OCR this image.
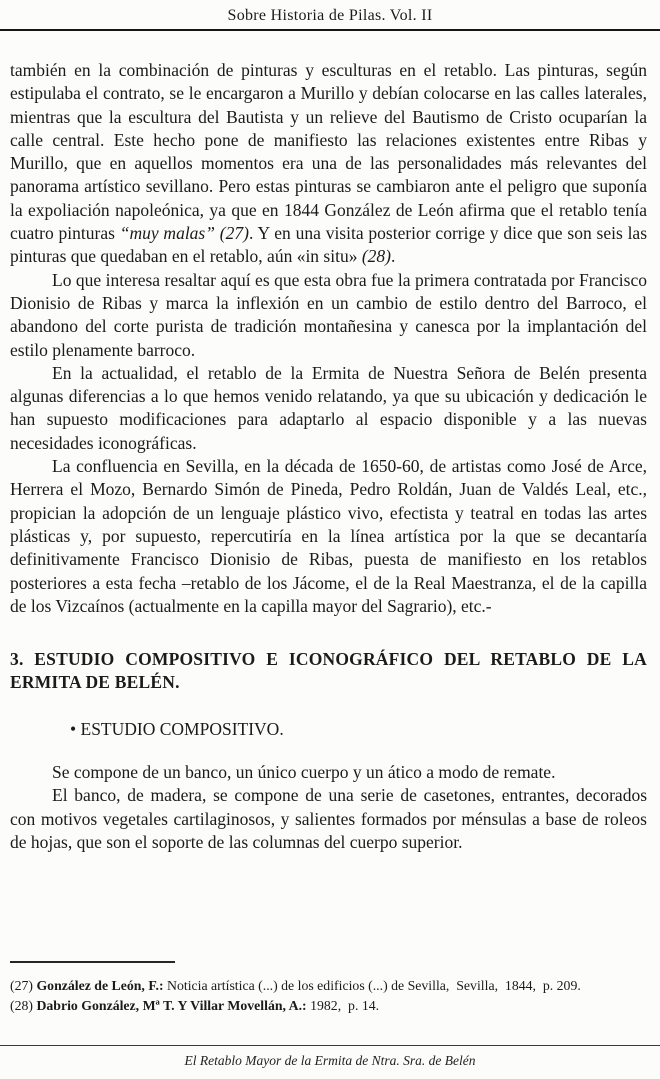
Sobre Historia de Pilas. Vol. II

también en la combinación de pinturas y esculturas en el retablo. Las pinturas, según estipulaba el contrato, se le encargaron a Murillo y debían colocarse en las calles laterales, mientras que la escultura del Bautista y un relieve del Bautismo de Cristo ocuparían la calle central. Este hecho pone de manifiesto las relaciones existentes entre Ribas y Murillo, que en aquellos momentos era una de las personalidades más relevantes del panorama artístico sevillano. Pero estas pinturas se cambiaron ante el peligro que suponía la expoliación napoleónica, ya que en 1844 González de León afirma que el retablo tenía cuatro pinturas “muy malas” (27). Y en una visita posterior corrige y dice que son seis las pinturas que quedaban en el retablo, aún «in situ» (28).

Lo que interesa resaltar aquí es que esta obra fue la primera contratada por Francisco Dionisio de Ribas y marca la inflexión en un cambio de estilo dentro del Barroco, el abandono del corte purista de tradición montañesina y canesca por la implantación del estilo plenamente barroco.

En la actualidad, el retablo de la Ermita de Nuestra Señora de Belén presenta algunas diferencias a lo que hemos venido relatando, ya que su ubicación y dedicación le han supuesto modificaciones para adaptarlo al espacio disponible y a las nuevas necesidades iconográficas.

La confluencia en Sevilla, en la década de 1650-60, de artistas como José de Arce, Herrera el Mozo, Bernardo Simón de Pineda, Pedro Roldán, Juan de Valdés Leal, etc., propician la adopción de un lenguaje plástico vivo, efectista y teatral en todas las artes plásticas y, por supuesto, repercutiría en la línea artística por la que se decantaría definitivamente Francisco Dionisio de Ribas, puesta de manifiesto en los retablos posteriores a esta fecha –retablo de los Jácome, el de la Real Maestranza, el de la capilla de los Vizcaínos (actualmente en la capilla mayor del Sagrario), etc.-

3. ESTUDIO COMPOSITIVO E ICONOGRÁFICO DEL RETABLO DE LA ERMITA DE BELÉN.

• ESTUDIO COMPOSITIVO.

Se compone de un banco, un único cuerpo y un ático a modo de remate.

El banco, de madera, se compone de una serie de casetones, entrantes, decorados con motivos vegetales cartilaginosos, y salientes formados por ménsulas a base de roleos de hojas, que son el soporte de las columnas del cuerpo superior.

(27) González de León, F.: Noticia artística (...) de los edificios (...) de Sevilla,  Sevilla,  1844,  p. 209.

(28) Dabrio González, Mª T. Y Villar Movellán, A.: 1982,  p. 14.

El Retablo Mayor de la Ermita de Ntra. Sra. de Belén
